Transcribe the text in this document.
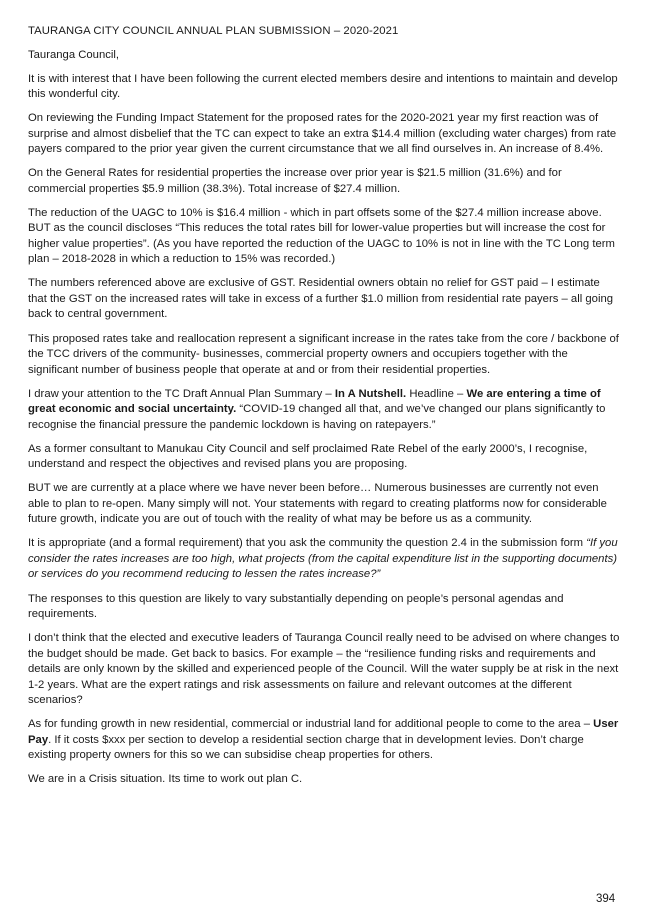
TAURANGA CITY COUNCIL ANNUAL PLAN SUBMISSION – 2020-2021

Tauranga Council,

It is with interest that I have been following the current elected members desire and intentions to maintain and develop this wonderful city.

On reviewing the Funding Impact Statement for the proposed rates for the 2020-2021 year my first reaction was of surprise and almost disbelief that the TC can expect to take an extra $14.4 million (excluding water charges) from rate payers compared to the prior year given the current circumstance that we all find ourselves in. An increase of 8.4%.

On the General Rates for residential properties the increase over prior year is $21.5 million (31.6%) and for commercial properties $5.9 million (38.3%). Total increase of $27.4 million.

The reduction of the UAGC to 10% is $16.4 million - which in part offsets some of the $27.4 million increase above. BUT as the council discloses “This reduces the total rates bill for lower-value properties but will increase the cost for higher value properties”. (As you have reported the reduction of the UAGC to 10% is not in line with the TC Long term plan – 2018-2028 in which a reduction to 15% was recorded.)

The numbers referenced above are exclusive of GST. Residential owners obtain no relief for GST paid – I estimate that the GST on the increased rates will take in excess of a further $1.0 million from residential rate payers – all going back to central government.

This proposed rates take and reallocation represent a significant increase in the rates take from the core / backbone of the TCC drivers of the community- businesses, commercial property owners and occupiers together with the significant number of business people that operate at and or from their residential properties.

I draw your attention to the TC Draft Annual Plan Summary – In A Nutshell. Headline – We are entering a time of great economic and social uncertainty. “COVID-19 changed all that, and we’ve changed our plans significantly to recognise the financial pressure the pandemic lockdown is having on ratepayers.”

As a former consultant to Manukau City Council and self proclaimed Rate Rebel of the early 2000’s, I recognise, understand and respect the objectives and revised plans you are proposing.

BUT we are currently at a place where we have never been before… Numerous businesses are currently not even able to plan to re-open. Many simply will not. Your statements with regard to creating platforms now for considerable future growth, indicate you are out of touch with the reality of what may be before us as a community.

It is appropriate (and a formal requirement) that you ask the community the question 2.4 in the submission form “If you consider the rates increases are too high, what projects (from the capital expenditure list in the supporting documents) or services do you recommend reducing to lessen the rates increase?”

The responses to this question are likely to vary substantially depending on people’s personal agendas and requirements.

I don’t think that the elected and executive leaders of Tauranga Council really need to be advised on where changes to the budget should be made. Get back to basics. For example – the “resilience funding risks and requirements and details are only known by the skilled and experienced people of the Council. Will the water supply be at risk in the next 1-2 years. What are the expert ratings and risk assessments on failure and relevant outcomes at the different scenarios?

As for funding growth in new residential, commercial or industrial land for additional people to come to the area – User Pay. If it costs $xxx per section to develop a residential section charge that in development levies. Don’t charge existing property owners for this so we can subsidise cheap properties for others.

We are in a Crisis situation. Its time to work out plan C.

394
